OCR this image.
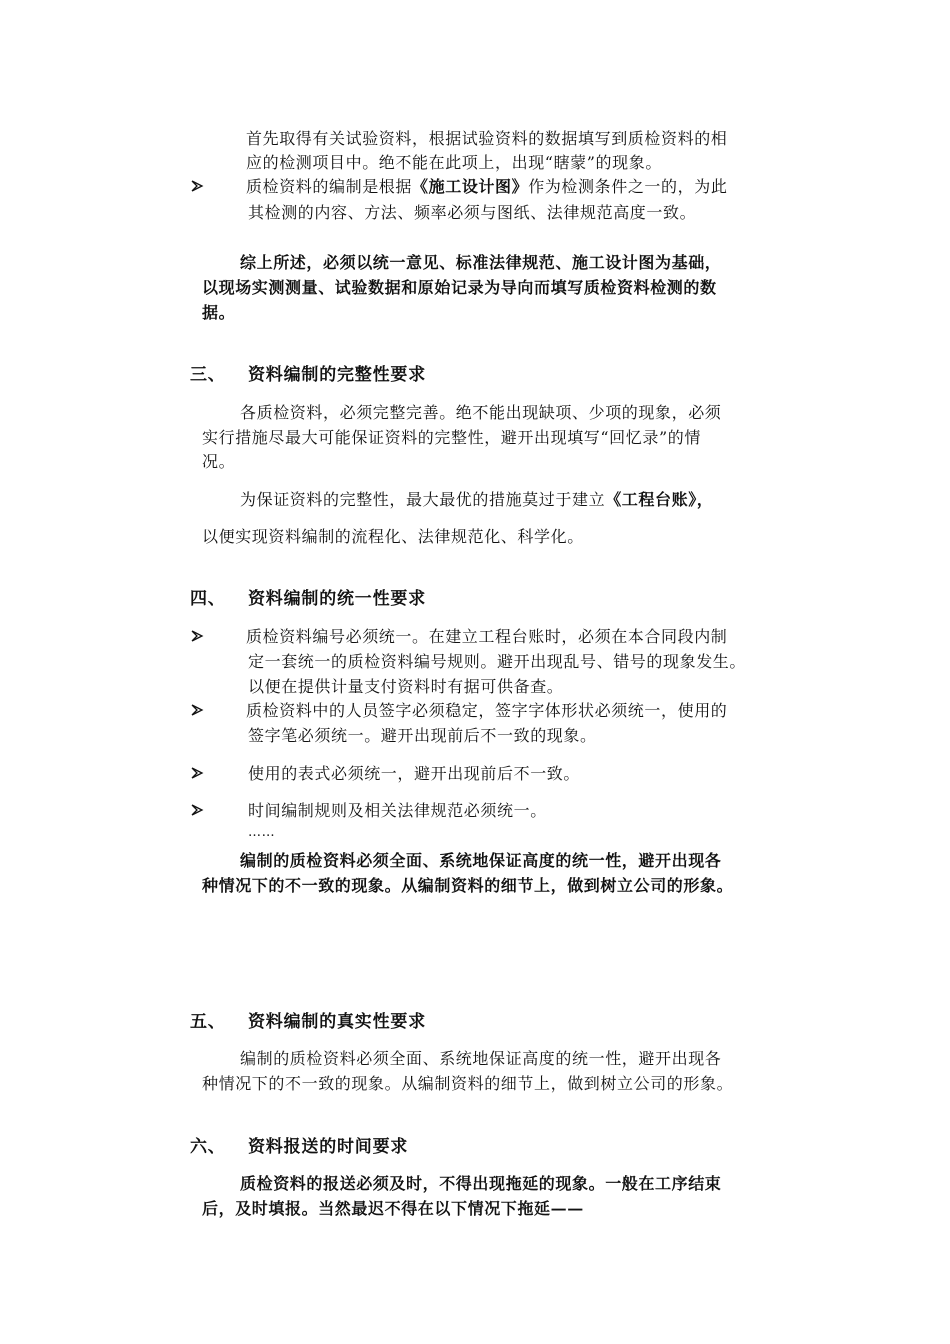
首先取得有关试验资料，根据试验资料的数据填写到质检资料的相
应的检测项目中。绝不能在此项上，出现“瞎蒙”的现象。
质检资料的编制是根据《施工设计图》作为检测条件之一的，为此
其检测的内容、方法、频率必须与图纸、法律规范高度一致。
综上所述，必须以统一意见、标准法律规范、施工设计图为基础，
以现场实测测量、试验数据和原始记录为导向而填写质检资料检测的数
据。
三、 资料编制的完整性要求
各质检资料，必须完整完善。绝不能出现缺项、少项的现象，必须
实行措施尽最大可能保证资料的完整性，避开出现填写“回忆录”的情
况。
为保证资料的完整性，最大最优的措施莫过于建立《工程台账》，
以便实现资料编制的流程化、法律规范化、科学化。
四、 资料编制的统一性要求
质检资料编号必须统一。在建立工程台账时，必须在本合同段内制
定一套统一的质检资料编号规则。避开出现乱号、错号的现象发生。
以便在提供计量支付资料时有据可供备查。
质检资料中的人员签字必须稳定，签字字体形状必须统一，使用的
签字笔必须统一。避开出现前后不一致的现象。
使用的表式必须统一，避开出现前后不一致。
时间编制规则及相关法律规范必须统一。
……
编制的质检资料必须全面、系统地保证高度的统一性，避开出现各
种情况下的不一致的现象。从编制资料的细节上，做到树立公司的形象。
五、 资料编制的真实性要求
编制的质检资料必须全面、系统地保证高度的统一性，避开出现各
种情况下的不一致的现象。从编制资料的细节上，做到树立公司的形象。
六、 资料报送的时间要求
质检资料的报送必须及时，不得出现拖延的现象。一般在工序结束
后，及时填报。当然最迟不得在以下情况下拖延——
